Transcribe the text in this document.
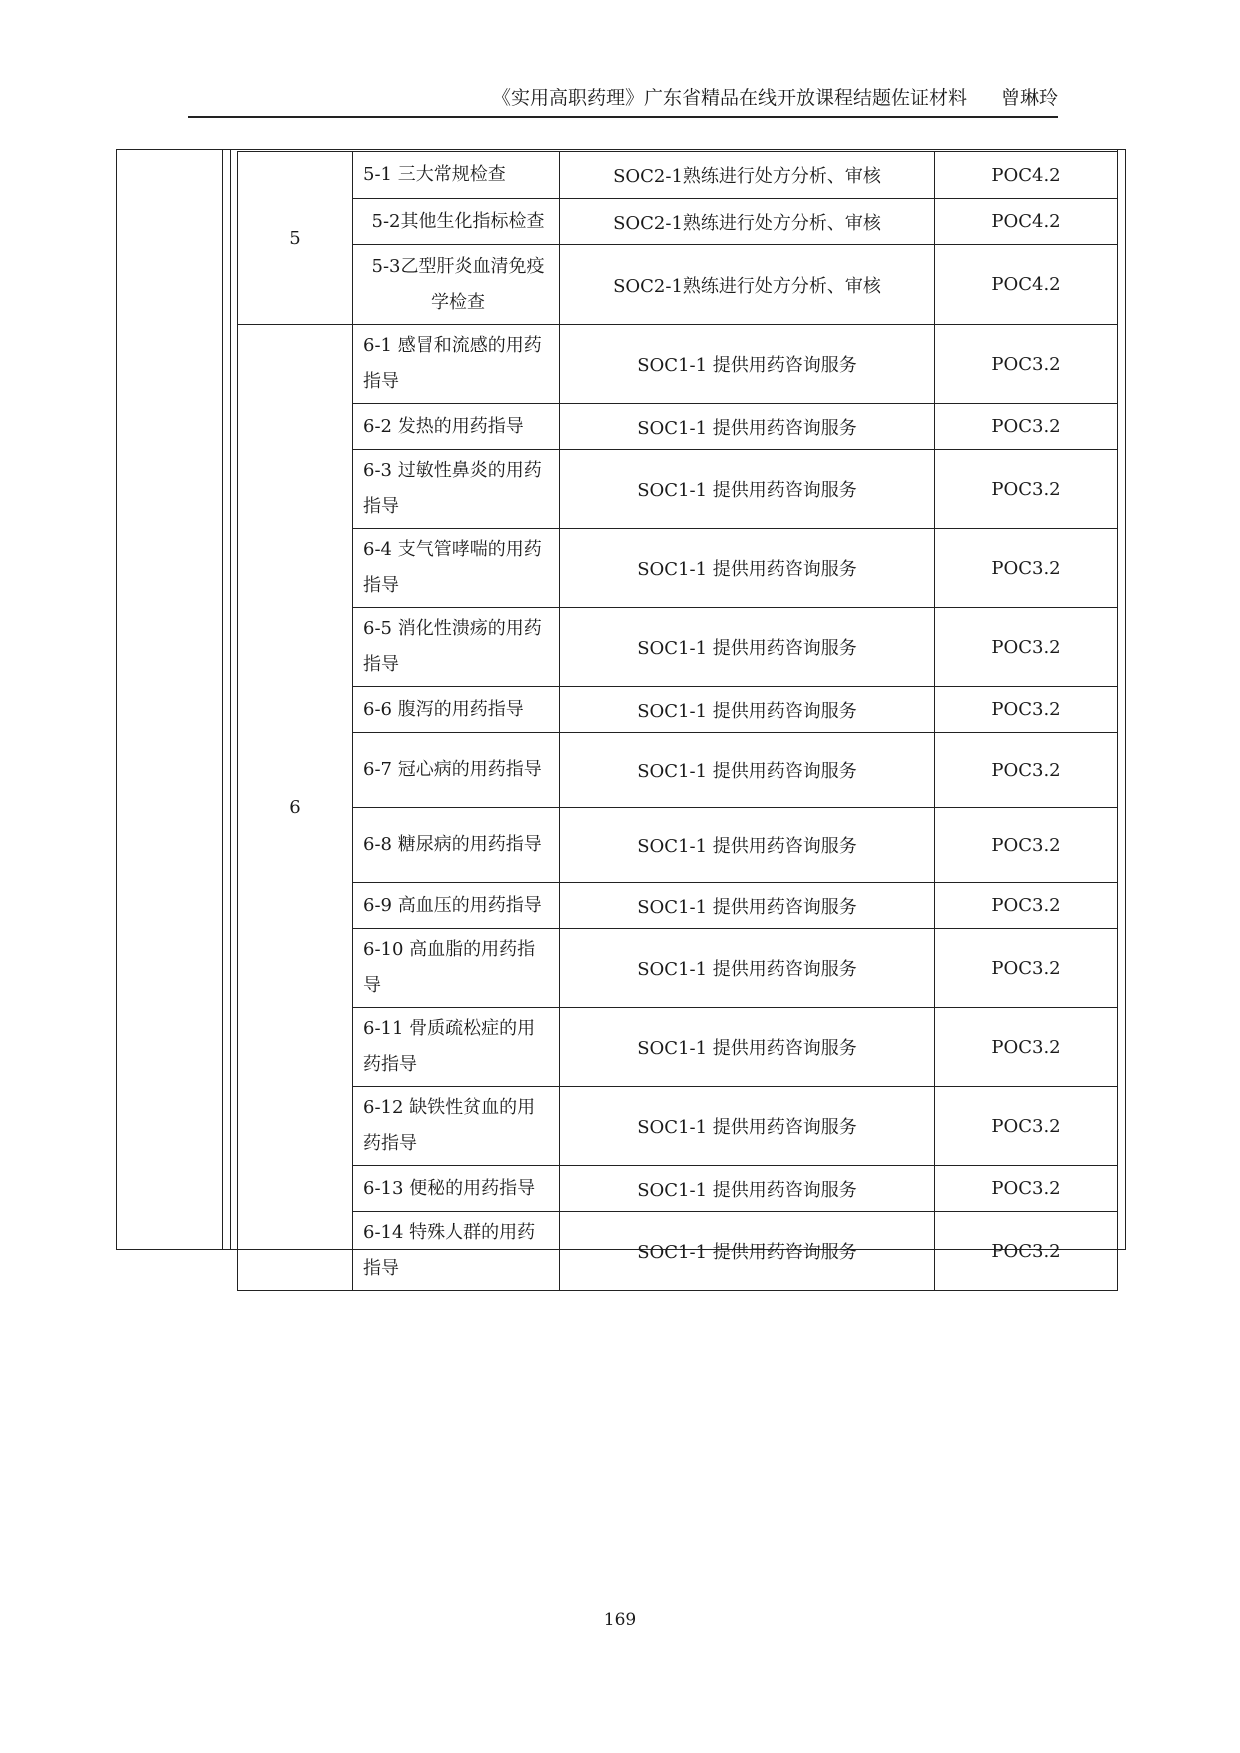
《实用高职药理》广东省精品在线开放课程结题佐证材料 曾琳玲
5	5-1 三大常规检查	SOC2-1熟练进行处方分析、审核	POC4.2
	5-2其他生化指标检查	SOC2-1熟练进行处方分析、审核	POC4.2
	5-3乙型肝炎血清免疫学检查	SOC2-1熟练进行处方分析、审核	POC4.2
6	6-1 感冒和流感的用药指导	SOC1-1 提供用药咨询服务	POC3.2
	6-2 发热的用药指导	SOC1-1 提供用药咨询服务	POC3.2
	6-3 过敏性鼻炎的用药指导	SOC1-1 提供用药咨询服务	POC3.2
	6-4 支气管哮喘的用药指导	SOC1-1 提供用药咨询服务	POC3.2
	6-5 消化性溃疡的用药指导	SOC1-1 提供用药咨询服务	POC3.2
	6-6 腹泻的用药指导	SOC1-1 提供用药咨询服务	POC3.2
	6-7 冠心病的用药指导	SOC1-1 提供用药咨询服务	POC3.2
	6-8 糖尿病的用药指导	SOC1-1 提供用药咨询服务	POC3.2
	6-9 高血压的用药指导	SOC1-1 提供用药咨询服务	POC3.2
	6-10 高血脂的用药指导	SOC1-1 提供用药咨询服务	POC3.2
	6-11 骨质疏松症的用药指导	SOC1-1 提供用药咨询服务	POC3.2
	6-12 缺铁性贫血的用药指导	SOC1-1 提供用药咨询服务	POC3.2
	6-13 便秘的用药指导	SOC1-1 提供用药咨询服务	POC3.2
	6-14 特殊人群的用药指导	SOC1-1 提供用药咨询服务	POC3.2
169
